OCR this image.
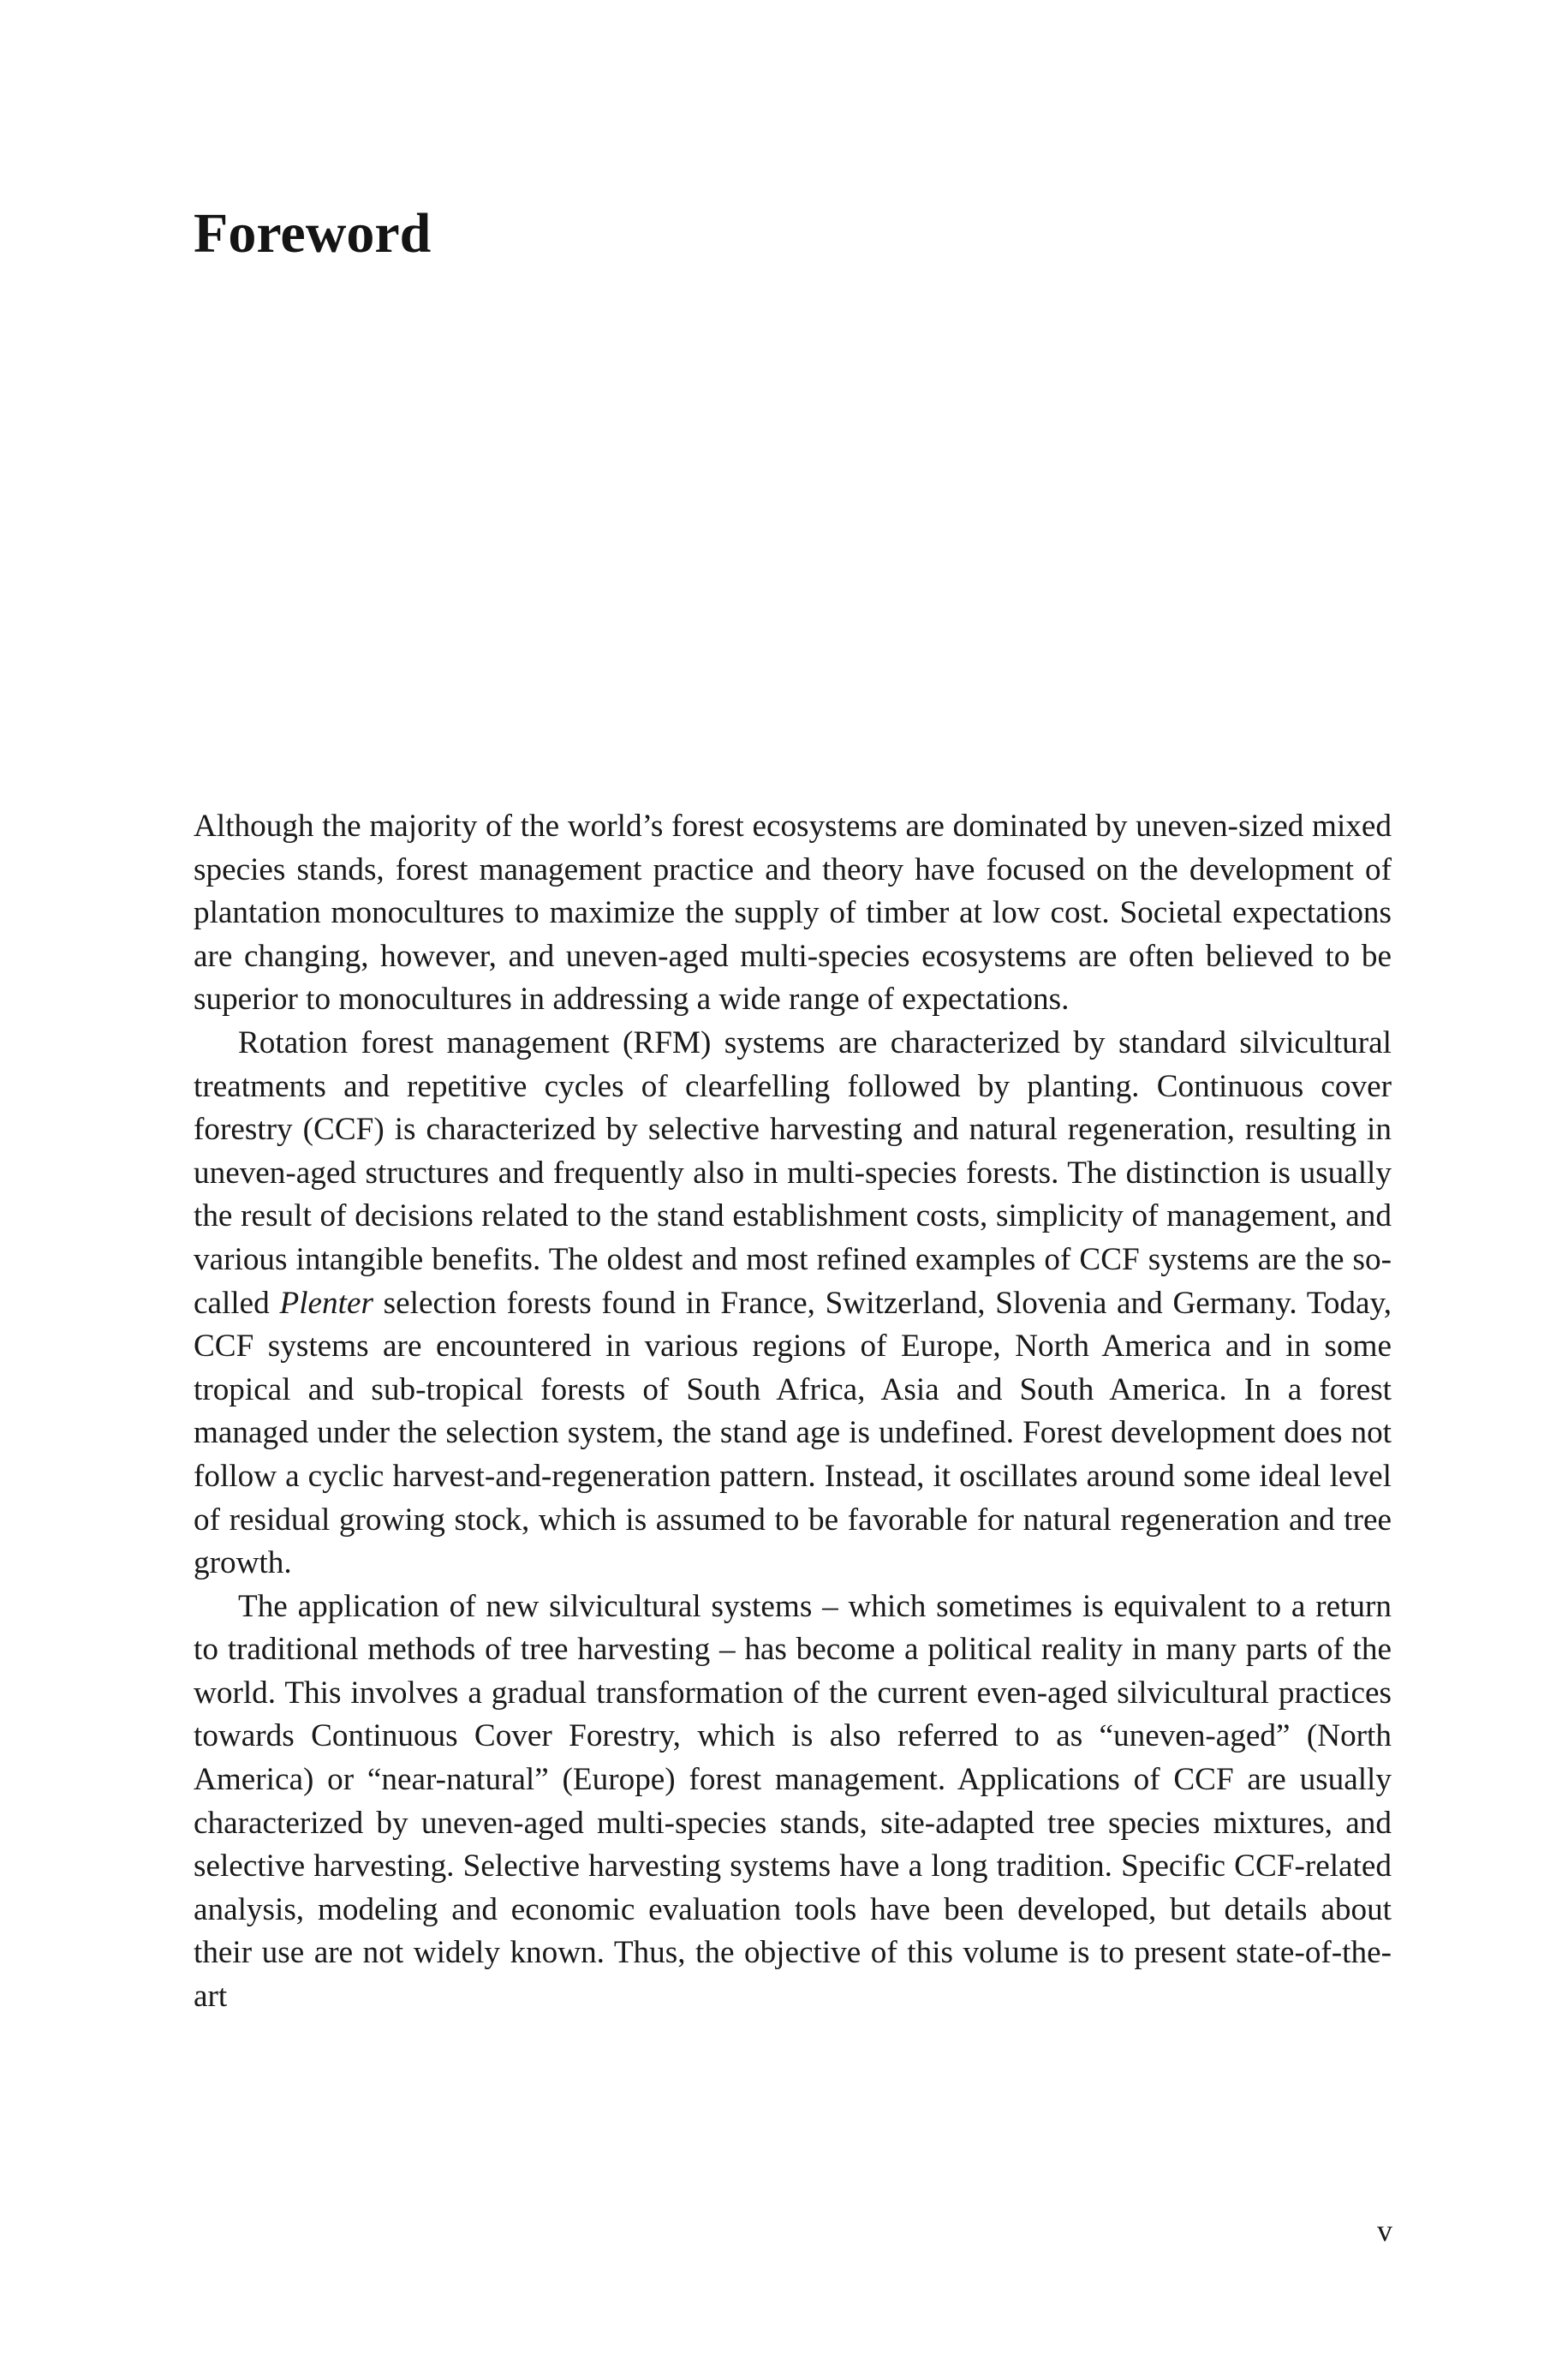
Foreword

Although the majority of the world’s forest ecosystems are dominated by uneven-sized mixed species stands, forest management practice and theory have focused on the development of plantation monocultures to maximize the supply of timber at low cost. Societal expectations are changing, however, and uneven-aged multi-species ecosystems are often believed to be superior to monocultures in addressing a wide range of expectations.

Rotation forest management (RFM) systems are characterized by standard silvicultural treatments and repetitive cycles of clearfelling followed by planting. Continuous cover forestry (CCF) is characterized by selective harvesting and natural regeneration, resulting in uneven-aged structures and frequently also in multi-species forests. The distinction is usually the result of decisions related to the stand establishment costs, simplicity of management, and various intangible benefits. The oldest and most refined examples of CCF systems are the so-called Plenter selection forests found in France, Switzerland, Slovenia and Germany. Today, CCF systems are encountered in various regions of Europe, North America and in some tropical and sub-tropical forests of South Africa, Asia and South America. In a forest managed under the selection system, the stand age is undefined. Forest development does not follow a cyclic harvest-and-regeneration pattern. Instead, it oscillates around some ideal level of residual growing stock, which is assumed to be favorable for natural regeneration and tree growth.

The application of new silvicultural systems – which sometimes is equivalent to a return to traditional methods of tree harvesting – has become a political reality in many parts of the world. This involves a gradual transformation of the current even-aged silvicultural practices towards Continuous Cover Forestry, which is also referred to as “uneven-aged” (North America) or “near-natural” (Europe) forest management. Applications of CCF are usually characterized by uneven-aged multi-species stands, site-adapted tree species mixtures, and selective harvesting. Selective harvesting systems have a long tradition. Specific CCF-related analysis, modeling and economic evaluation tools have been developed, but details about their use are not widely known. Thus, the objective of this volume is to present state-of-the-art

v
